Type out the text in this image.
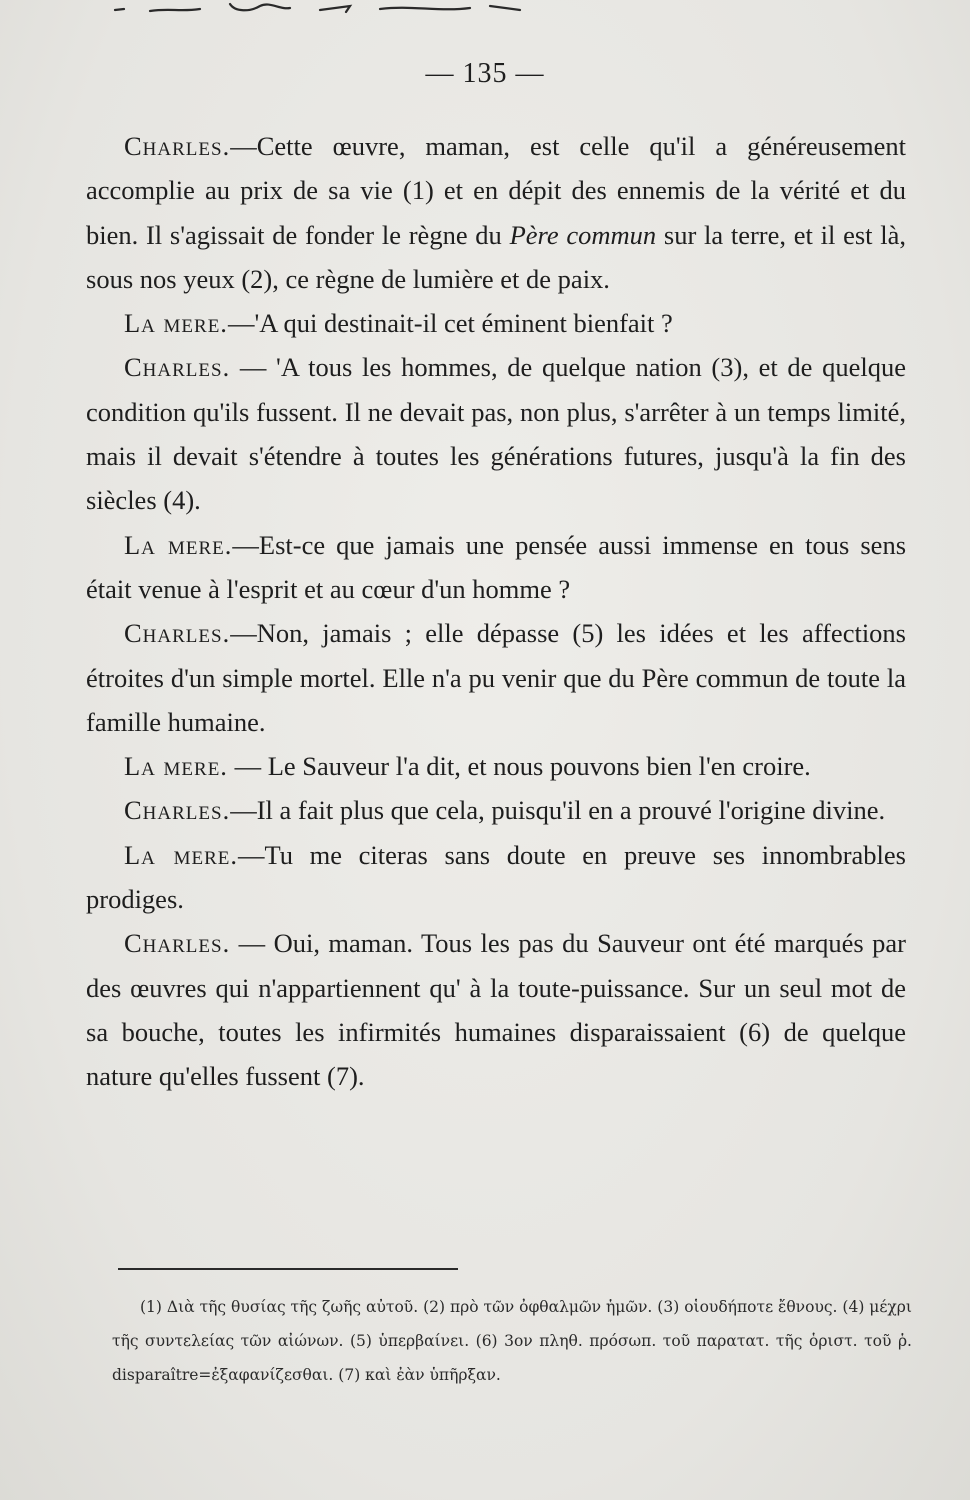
— 135 —

Charles.—Cette œuvre, maman, est celle qu'il a généreusement accomplie au prix de sa vie (1) et en dépit des ennemis de la vérité et du bien. Il s'agissait de fonder le règne du Père commun sur la terre, et il est là, sous nos yeux (2), ce règne de lumière et de paix.

La mere.—'A qui destinait-il cet éminent bienfait ?

Charles. — 'A tous les hommes, de quelque nation (3), et de quelque condition qu'ils fussent. Il ne devait pas, non plus, s'arrêter à un temps limité, mais il devait s'étendre à toutes les générations futures, jusqu'à la fin des siècles (4).

La mere.—Est-ce que jamais une pensée aussi immense en tous sens était venue à l'esprit et au cœur d'un homme ?

Charles.—Non, jamais ; elle dépasse (5) les idées et les affections étroites d'un simple mortel. Elle n'a pu venir que du Père commun de toute la famille humaine.

La mere. — Le Sauveur l'a dit, et nous pouvons bien l'en croire.

Charles.—Il a fait plus que cela, puisqu'il en a prouvé l'origine divine.

La mere.—Tu me citeras sans doute en preuve ses innombrables prodiges.

Charles. — Oui, maman. Tous les pas du Sauveur ont été marqués par des œuvres qui n'appartiennent qu' à la toute-puissance. Sur un seul mot de sa bouche, toutes les infirmités humaines disparaissaient (6) de quelque nature qu'elles fussent (7).

(1) Διὰ τῆς θυσίας τῆς ζωῆς αὐτοῦ. (2) πρὸ τῶν ὀφθαλμῶν ἡμῶν. (3) οἱουδήποτε ἔθνους. (4) μέχρι τῆς συντελείας τῶν αἰώνων. (5) ὑπερβαίνει. (6) 3ον πληθ. πρόσωπ. τοῦ παρατατ. τῆς ὁριστ. τοῦ ῥ. disparaître=ἐξαφανίζεσθαι. (7) καὶ ἐὰν ὑπῆρξαν.
